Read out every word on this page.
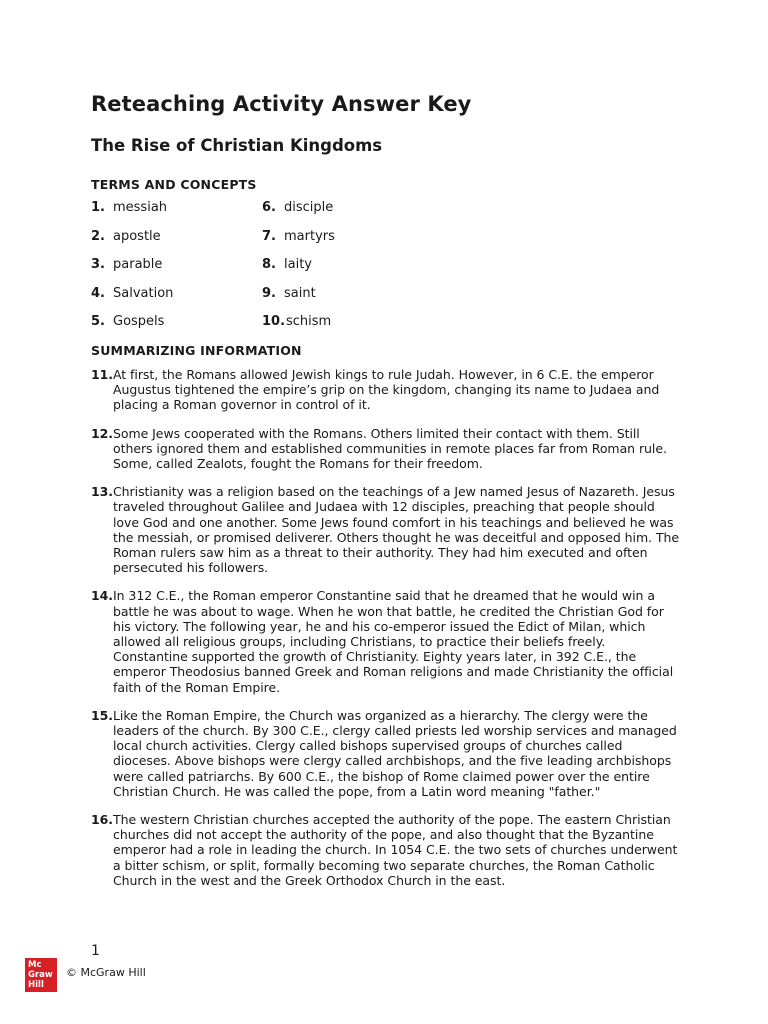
Reteaching Activity Answer Key
The Rise of Christian Kingdoms
TERMS AND CONCEPTS
1. messiah
2. apostle
3. parable
4. Salvation
5. Gospels
6. disciple
7. martyrs
8. laity
9. saint
10.schism
SUMMARIZING INFORMATION
11. At first, the Romans allowed Jewish kings to rule Judah. However, in 6 C.E. the emperor Augustus tightened the empire’s grip on the kingdom, changing its name to Judaea and placing a Roman governor in control of it.
12. Some Jews cooperated with the Romans. Others limited their contact with them. Still others ignored them and established communities in remote places far from Roman rule. Some, called Zealots, fought the Romans for their freedom.
13. Christianity was a religion based on the teachings of a Jew named Jesus of Nazareth. Jesus traveled throughout Galilee and Judaea with 12 disciples, preaching that people should love God and one another. Some Jews found comfort in his teachings and believed he was the messiah, or promised deliverer. Others thought he was deceitful and opposed him. The Roman rulers saw him as a threat to their authority. They had him executed and often persecuted his followers.
14. In 312 C.E., the Roman emperor Constantine said that he dreamed that he would win a battle he was about to wage. When he won that battle, he credited the Christian God for his victory. The following year, he and his co-emperor issued the Edict of Milan, which allowed all religious groups, including Christians, to practice their beliefs freely. Constantine supported the growth of Christianity. Eighty years later, in 392 C.E., the emperor Theodosius banned Greek and Roman religions and made Christianity the official faith of the Roman Empire.
15. Like the Roman Empire, the Church was organized as a hierarchy. The clergy were the leaders of the church. By 300 C.E., clergy called priests led worship services and managed local church activities. Clergy called bishops supervised groups of churches called dioceses. Above bishops were clergy called archbishops, and the five leading archbishops were called patriarchs. By 600 C.E., the bishop of Rome claimed power over the entire Christian Church. He was called the pope, from a Latin word meaning "father."
16. The western Christian churches accepted the authority of the pope. The eastern Christian churches did not accept the authority of the pope, and also thought that the Byzantine emperor had a role in leading the church. In 1054 C.E. the two sets of churches underwent a bitter schism, or split, formally becoming two separate churches, the Roman Catholic Church in the west and the Greek Orthodox Church in the east.
1
Mc
Graw
Hill
© McGraw Hill
